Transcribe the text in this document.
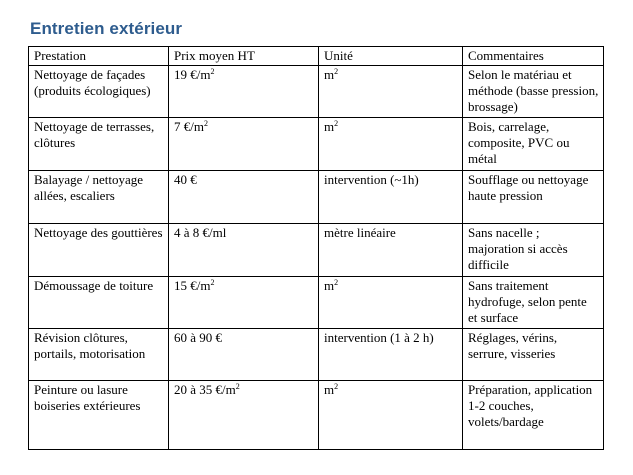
Entretien extérieur
Prestation	Prix moyen HT	Unité	Commentaires
Nettoyage de façades (produits écologiques)	19 $€/m^2$	$m^2$	Selon le matériau et méthode (basse pression, brossage)
Nettoyage de terrasses, clôtures	7 $€/m^2$	$m^2$	Bois, carrelage, composite, PVC ou métal
Balayage / nettoyage allées, escaliers	40 €	intervention (~1h)	Soufflage ou nettoyage haute pression
Nettoyage des gouttières	4 à 8 €/ml	mètre linéaire	Sans nacelle ; majoration si accès difficile
Démoussage de toiture	15 $€/m^2$	$m^2$	Sans traitement hydrofuge, selon pente et surface
Révision clôtures, portails, motorisation	60 à 90 €	intervention (1 à 2 h)	Réglages, vérins, serrure, visseries
Peinture ou lasure boiseries extérieures	20 à 35 $€/m^2$	$m^2$	Préparation, application 1-2 couches, volets/bardage
